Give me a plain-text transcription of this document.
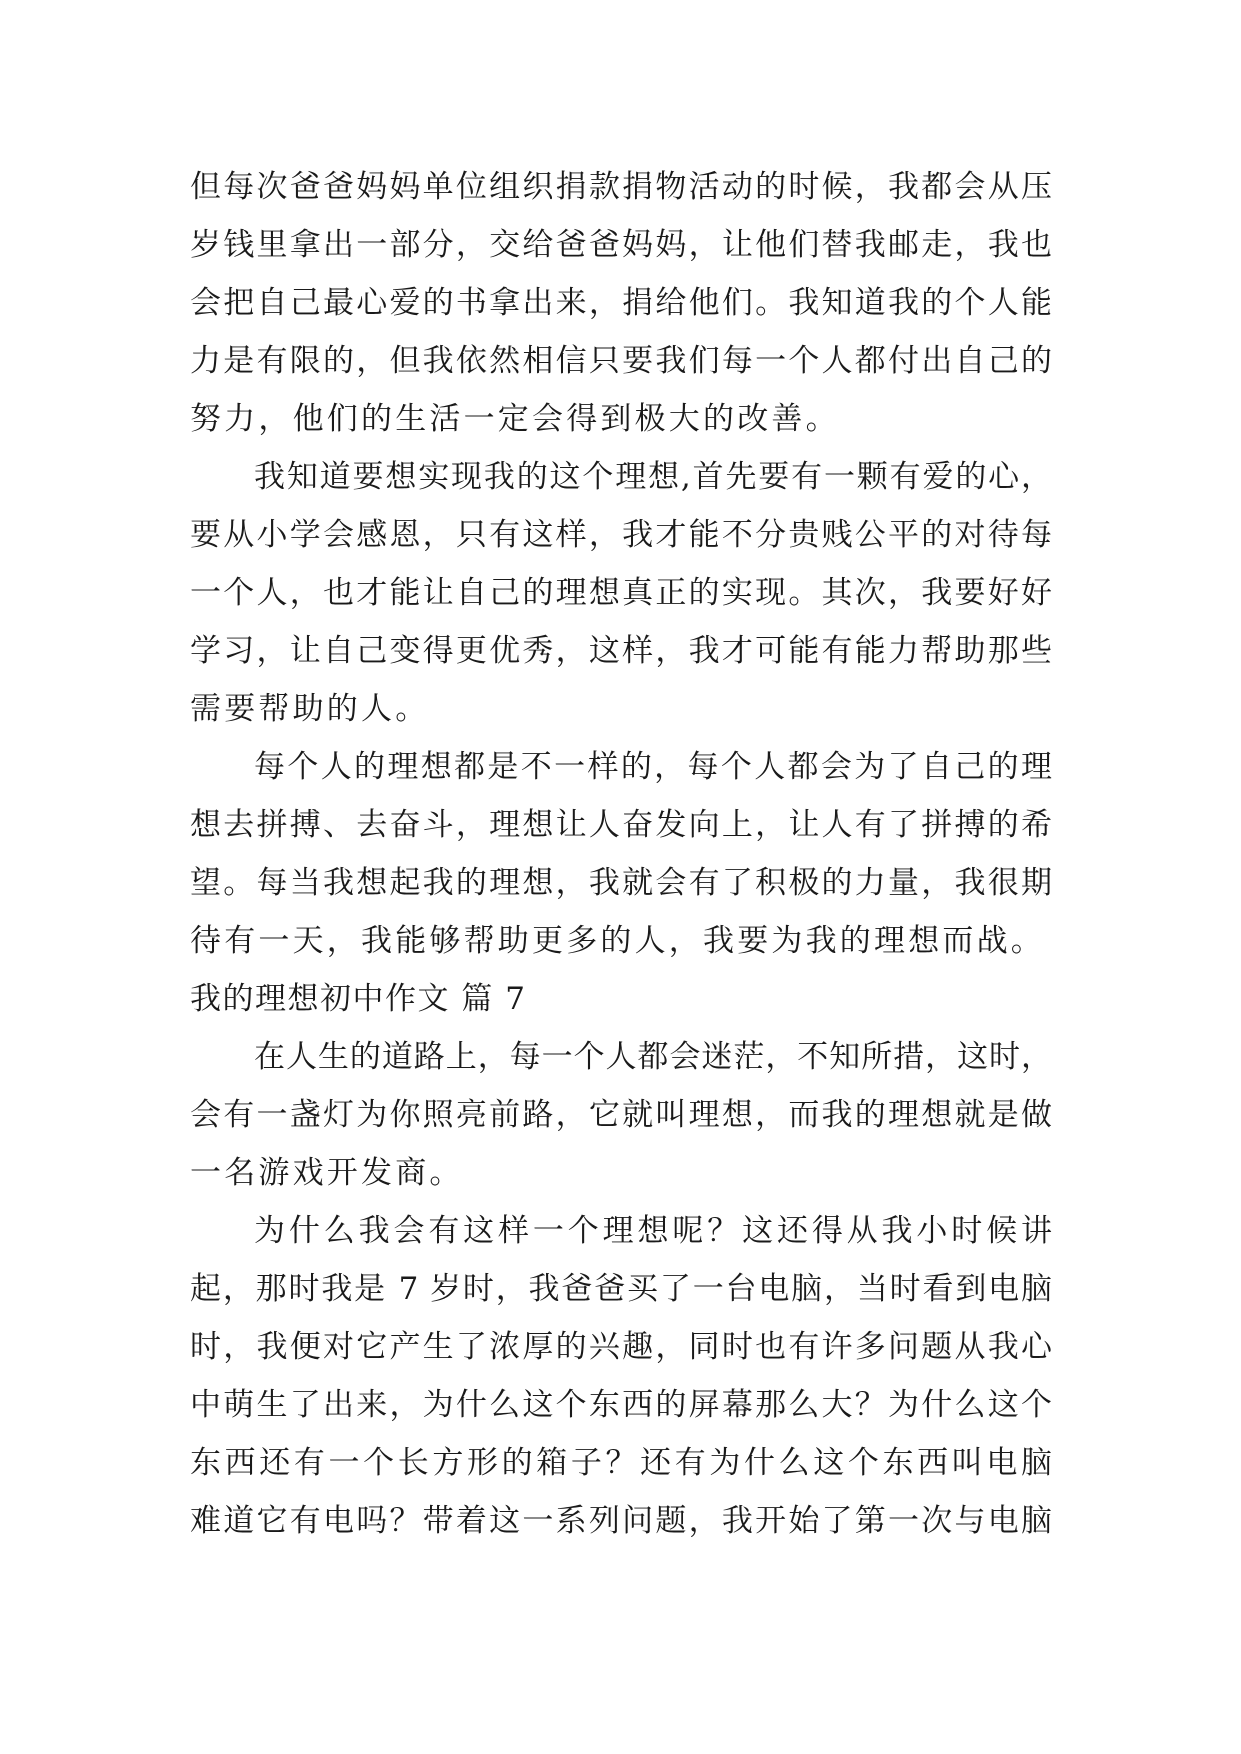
但每次爸爸妈妈单位组织捐款捐物活动的时候，我都会从压
岁钱里拿出一部分，交给爸爸妈妈，让他们替我邮走，我也
会把自己最心爱的书拿出来，捐给他们。我知道我的个人能
力是有限的，但我依然相信只要我们每一个人都付出自己的
努力，他们的生活一定会得到极大的改善。
我知道要想实现我的这个理想,首先要有一颗有爱的心，
要从小学会感恩，只有这样，我才能不分贵贱公平的对待每
一个人，也才能让自己的理想真正的实现。其次，我要好好
学习，让自己变得更优秀，这样，我才可能有能力帮助那些
需要帮助的人。
每个人的理想都是不一样的，每个人都会为了自己的理
想去拼搏、去奋斗，理想让人奋发向上，让人有了拼搏的希
望。每当我想起我的理想，我就会有了积极的力量，我很期
待有一天，我能够帮助更多的人，我要为我的理想而战。
我的理想初中作文 篇 7
在人生的道路上，每一个人都会迷茫，不知所措，这时，
会有一盏灯为你照亮前路，它就叫理想，而我的理想就是做
一名游戏开发商。
为什么我会有这样一个理想呢？这还得从我小时候讲
起，那时我是 7 岁时，我爸爸买了一台电脑，当时看到电脑
时，我便对它产生了浓厚的兴趣，同时也有许多问题从我心
中萌生了出来，为什么这个东西的屏幕那么大？为什么这个
东西还有一个长方形的箱子？还有为什么这个东西叫电脑
难道它有电吗？带着这一系列问题，我开始了第一次与电脑
